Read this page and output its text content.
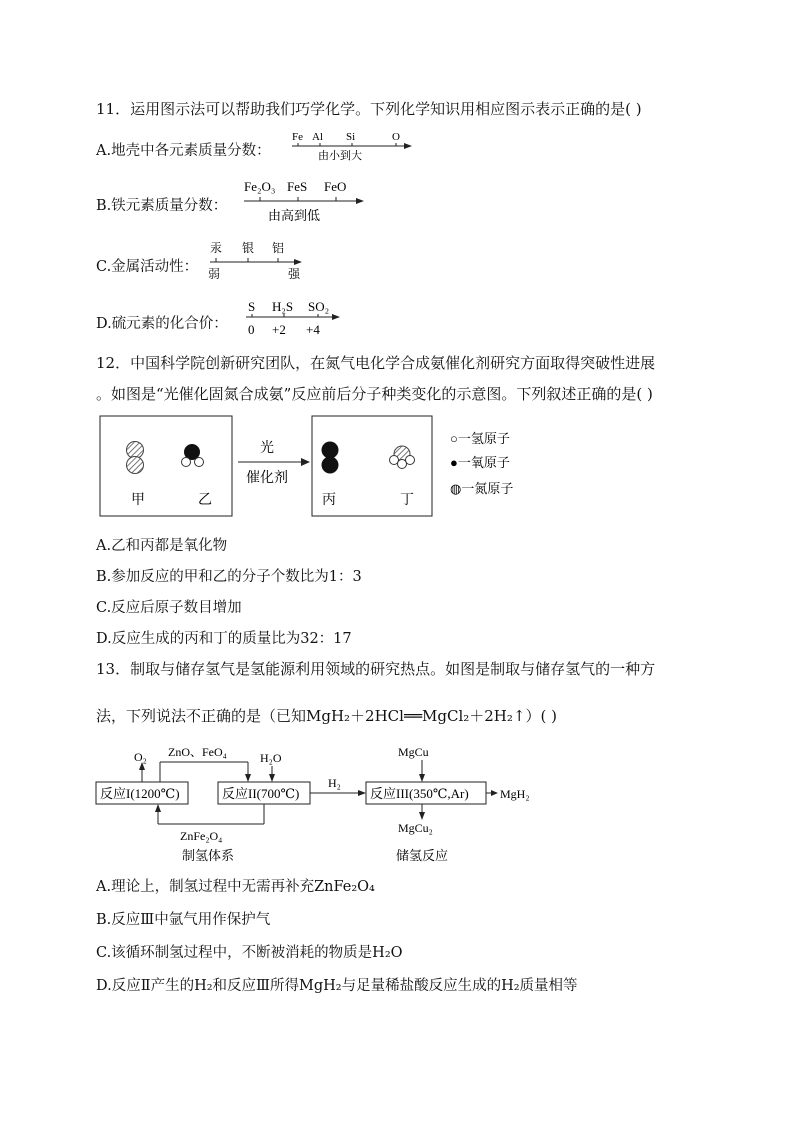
11．运用图示法可以帮助我们巧学化学。下列化学知识用相应图示表示正确的是( )
A.地壳中各元素质量分数：
Fe Al Si	O
由小到大
B.铁元素质量分数：
Fe₂O₃ FeS FeO
由高到低
C.金属活动性：
汞 银 铝
弱	强
D.硫元素的化合价：
S H₂S SO₂
0 +2 +4
12．中国科学院创新研究团队，在氮气电化学合成氨催化剂研究方面取得突破性进展
。如图是“光催化固氮合成氨”反应前后分子种类变化的示意图。下列叙述正确的是( )
甲	乙
光
催化剂
丙	丁
○一氢原子
●一氧原子
◍一氮原子
A.乙和丙都是氧化物
B.参加反应的甲和乙的分子个数比为1：3
C.反应后原子数目增加
D.反应生成的丙和丁的质量比为32：17
13．制取与储存氢气是氢能源利用领域的研究热点。如图是制取与储存氢气的一种方
法，下列说法不正确的是（已知MgH₂＋2HCl══MgCl₂＋2H₂↑）( )
反应I(1200℃)	反应II(700℃)	反应III(350℃,Ar)
O₂ ZnO、FeO₄	H₂O
ZnFe₂O₄
H₂
MgCu
MgH₂
MgCu₂
制氢体系	储氢反应
A.理论上，制氢过程中无需再补充ZnFe₂O₄
B.反应Ⅲ中氩气用作保护气
C.该循环制氢过程中，不断被消耗的物质是H₂O
D.反应Ⅱ产生的H₂和反应Ⅲ所得MgH₂与足量稀盐酸反应生成的H₂质量相等
